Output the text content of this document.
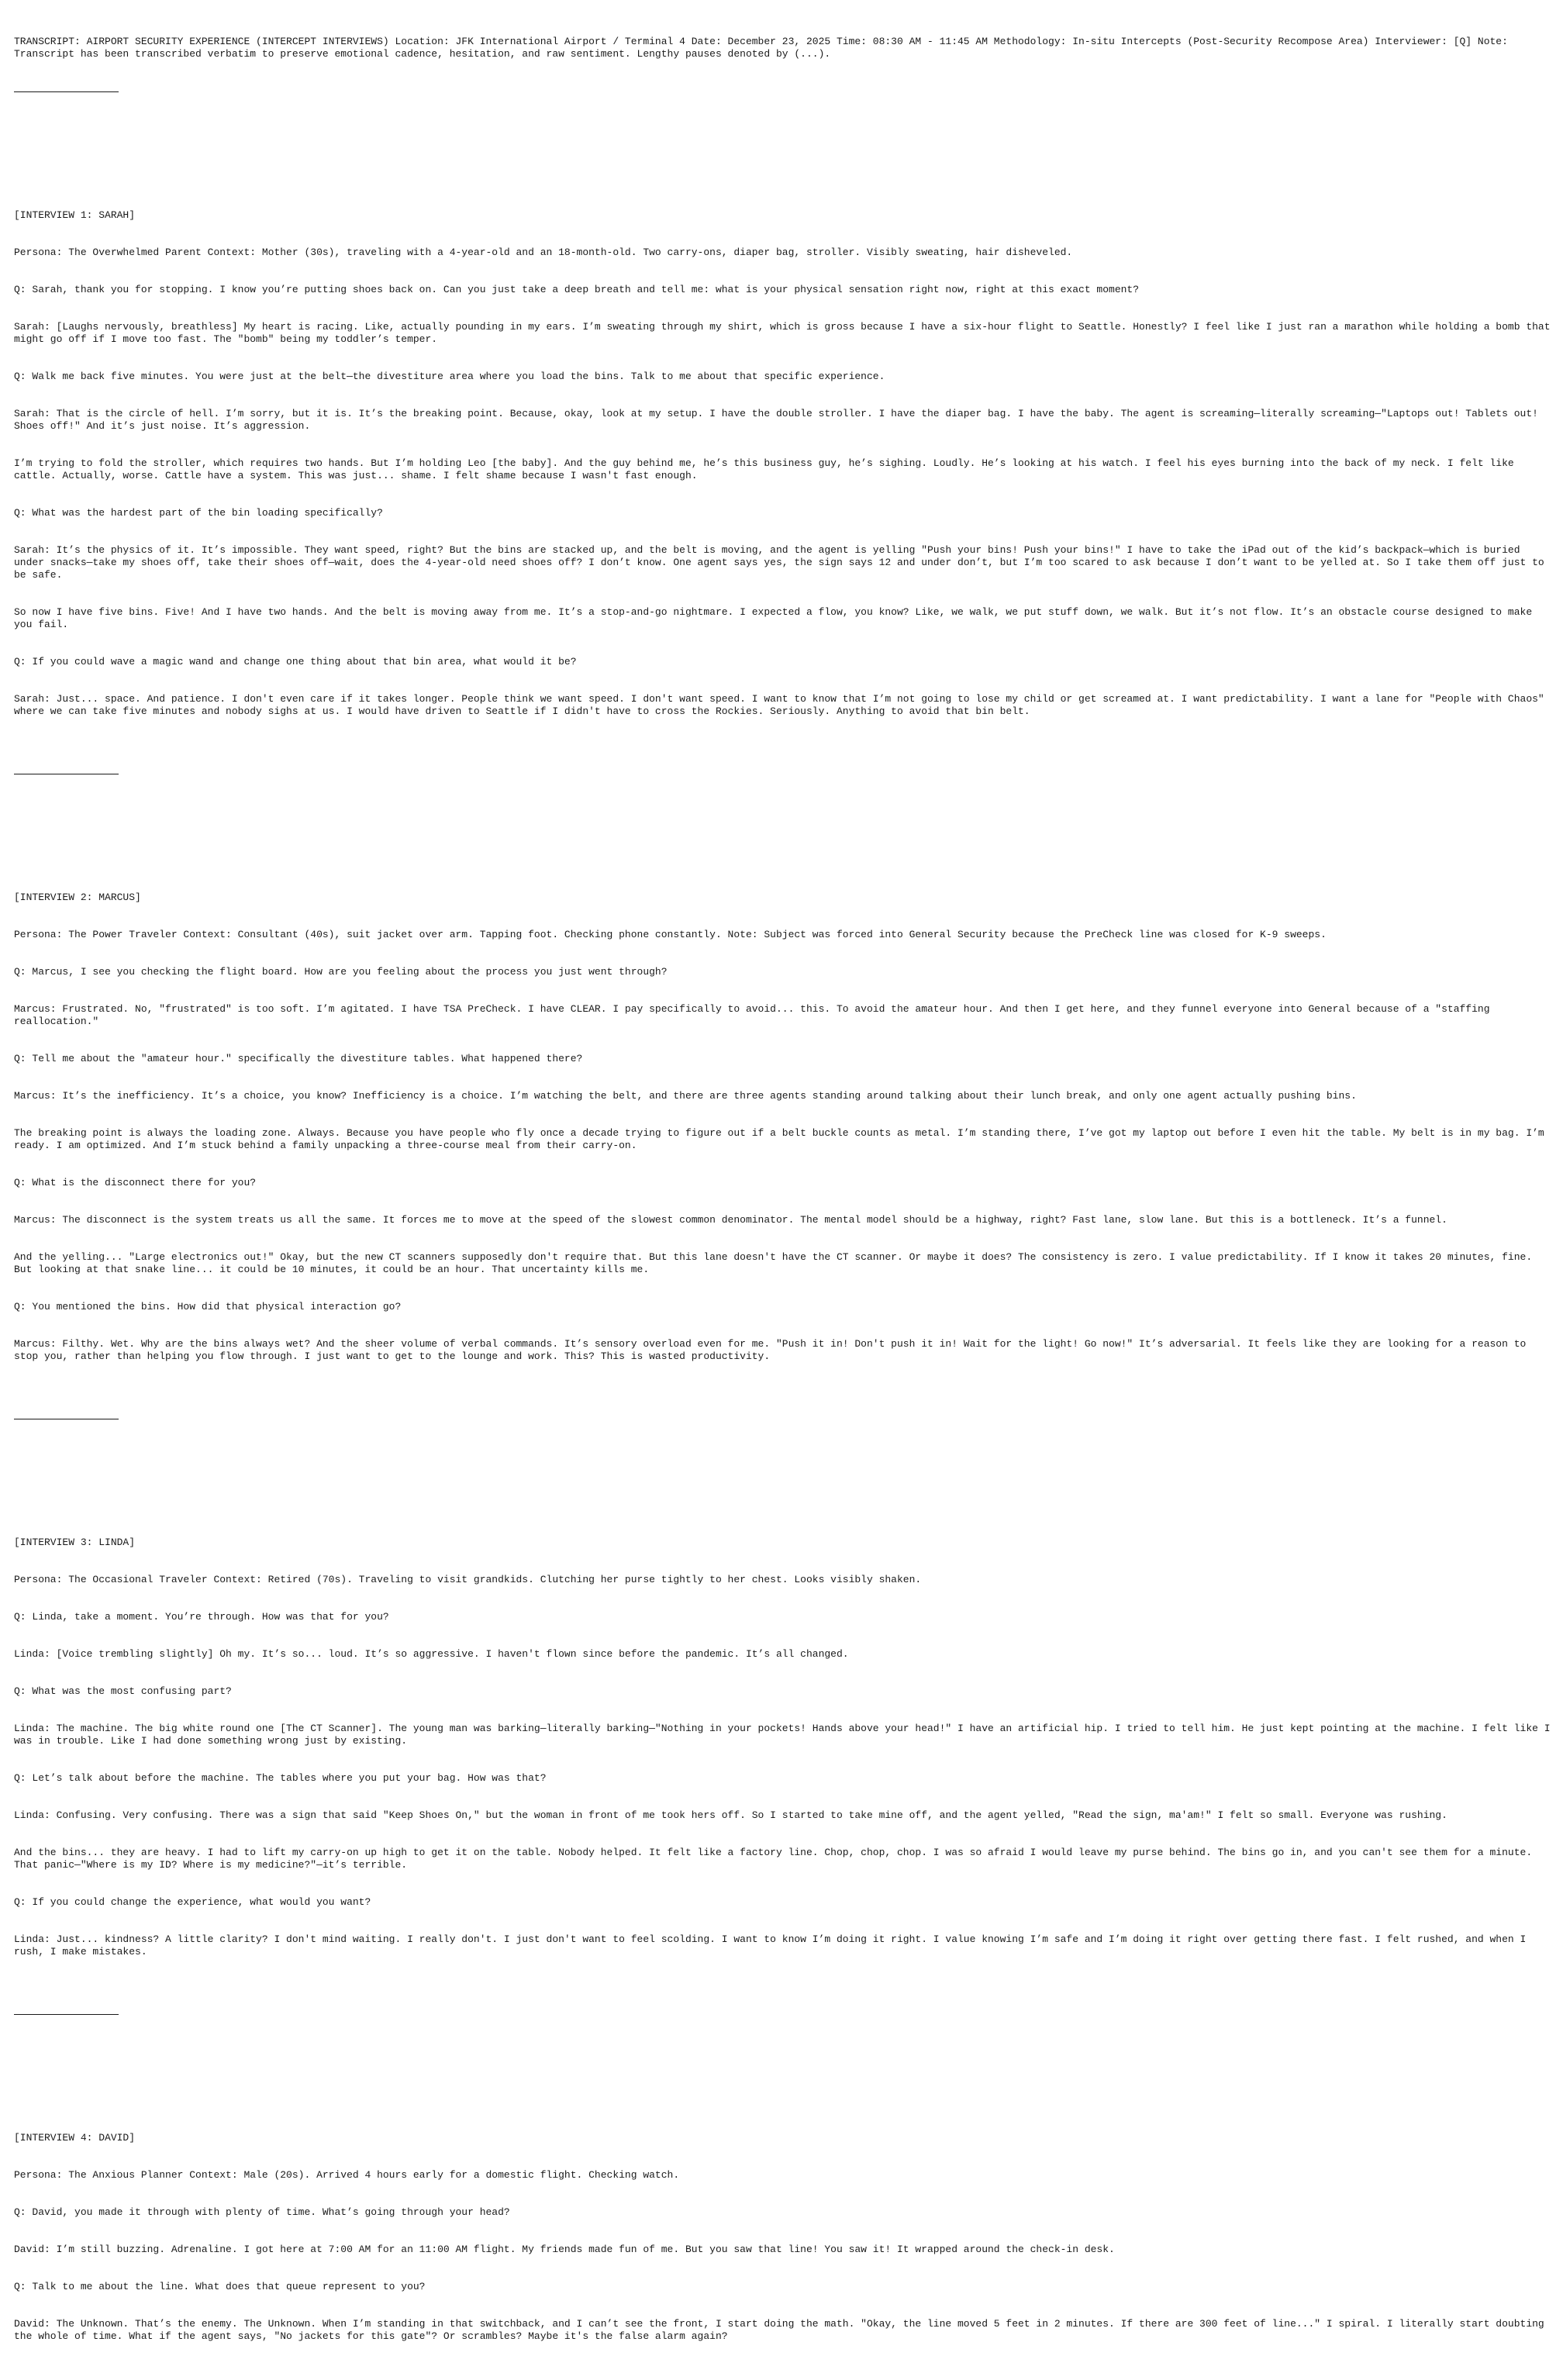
TRANSCRIPT: AIRPORT SECURITY EXPERIENCE (INTERCEPT INTERVIEWS) Location: JFK International Airport / Terminal 4 Date: December 23, 2025 Time: 08:30 AM - 11:45 AM Methodology: In-situ Intercepts (Post-Security Recompose Area) Interviewer: [Q] Note: Transcript has been transcribed verbatim to preserve emotional cadence, hesitation, and raw sentiment. Lengthy pauses denoted by (...).

[INTERVIEW 1: SARAH]

Persona: The Overwhelmed Parent Context: Mother (30s), traveling with a 4-year-old and an 18-month-old. Two carry-ons, diaper bag, stroller. Visibly sweating, hair disheveled.

Q: Sarah, thank you for stopping. I know you’re putting shoes back on. Can you just take a deep breath and tell me: what is your physical sensation right now, right at this exact moment?

Sarah: [Laughs nervously, breathless] My heart is racing. Like, actually pounding in my ears. I’m sweating through my shirt, which is gross because I have a six-hour flight to Seattle. Honestly? I feel like I just ran a marathon while holding a bomb that might go off if I move too fast. The "bomb" being my toddler’s temper.

Q: Walk me back five minutes. You were just at the belt—the divestiture area where you load the bins. Talk to me about that specific experience.

Sarah: That is the circle of hell. I’m sorry, but it is. It’s the breaking point. Because, okay, look at my setup. I have the double stroller. I have the diaper bag. I have the baby. The agent is screaming—literally screaming—"Laptops out! Tablets out! Shoes off!" And it’s just noise. It’s aggression.

I’m trying to fold the stroller, which requires two hands. But I’m holding Leo [the baby]. And the guy behind me, he’s this business guy, he’s sighing. Loudly. He’s looking at his watch. I feel his eyes burning into the back of my neck. I felt like cattle. Actually, worse. Cattle have a system. This was just... shame. I felt shame because I wasn't fast enough.

Q: What was the hardest part of the bin loading specifically?

Sarah: It’s the physics of it. It’s impossible. They want speed, right? But the bins are stacked up, and the belt is moving, and the agent is yelling "Push your bins! Push your bins!" I have to take the iPad out of the kid’s backpack—which is buried under snacks—take my shoes off, take their shoes off—wait, does the 4-year-old need shoes off? I don’t know. One agent says yes, the sign says 12 and under don’t, but I’m too scared to ask because I don’t want to be yelled at. So I take them off just to be safe.

So now I have five bins. Five! And I have two hands. And the belt is moving away from me. It’s a stop-and-go nightmare. I expected a flow, you know? Like, we walk, we put stuff down, we walk. But it’s not flow. It’s an obstacle course designed to make you fail.

Q: If you could wave a magic wand and change one thing about that bin area, what would it be?

Sarah: Just... space. And patience. I don't even care if it takes longer. People think we want speed. I don't want speed. I want to know that I’m not going to lose my child or get screamed at. I want predictability. I want a lane for "People with Chaos" where we can take five minutes and nobody sighs at us. I would have driven to Seattle if I didn't have to cross the Rockies. Seriously. Anything to avoid that bin belt.

[INTERVIEW 2: MARCUS]

Persona: The Power Traveler Context: Consultant (40s), suit jacket over arm. Tapping foot. Checking phone constantly. Note: Subject was forced into General Security because the PreCheck line was closed for K-9 sweeps.

Q: Marcus, I see you checking the flight board. How are you feeling about the process you just went through?

Marcus: Frustrated. No, "frustrated" is too soft. I’m agitated. I have TSA PreCheck. I have CLEAR. I pay specifically to avoid... this. To avoid the amateur hour. And then I get here, and they funnel everyone into General because of a "staffing reallocation."

Q: Tell me about the "amateur hour." specifically the divestiture tables. What happened there?

Marcus: It’s the inefficiency. It’s a choice, you know? Inefficiency is a choice. I’m watching the belt, and there are three agents standing around talking about their lunch break, and only one agent actually pushing bins.

The breaking point is always the loading zone. Always. Because you have people who fly once a decade trying to figure out if a belt buckle counts as metal. I’m standing there, I’ve got my laptop out before I even hit the table. My belt is in my bag. I’m ready. I am optimized. And I’m stuck behind a family unpacking a three-course meal from their carry-on.

Q: What is the disconnect there for you?

Marcus: The disconnect is the system treats us all the same. It forces me to move at the speed of the slowest common denominator. The mental model should be a highway, right? Fast lane, slow lane. But this is a bottleneck. It’s a funnel.

And the yelling... "Large electronics out!" Okay, but the new CT scanners supposedly don't require that. But this lane doesn't have the CT scanner. Or maybe it does? The consistency is zero. I value predictability. If I know it takes 20 minutes, fine. But looking at that snake line... it could be 10 minutes, it could be an hour. That uncertainty kills me.

Q: You mentioned the bins. How did that physical interaction go?

Marcus: Filthy. Wet. Why are the bins always wet? And the sheer volume of verbal commands. It’s sensory overload even for me. "Push it in! Don't push it in! Wait for the light! Go now!" It’s adversarial. It feels like they are looking for a reason to stop you, rather than helping you flow through. I just want to get to the lounge and work. This? This is wasted productivity.

[INTERVIEW 3: LINDA]

Persona: The Occasional Traveler Context: Retired (70s). Traveling to visit grandkids. Clutching her purse tightly to her chest. Looks visibly shaken.

Q: Linda, take a moment. You’re through. How was that for you?

Linda: [Voice trembling slightly] Oh my. It’s so... loud. It’s so aggressive. I haven't flown since before the pandemic. It’s all changed.

Q: What was the most confusing part?

Linda: The machine. The big white round one [The CT Scanner]. The young man was barking—literally barking—"Nothing in your pockets! Hands above your head!" I have an artificial hip. I tried to tell him. He just kept pointing at the machine. I felt like I was in trouble. Like I had done something wrong just by existing.

Q: Let’s talk about before the machine. The tables where you put your bag. How was that?

Linda: Confusing. Very confusing. There was a sign that said "Keep Shoes On," but the woman in front of me took hers off. So I started to take mine off, and the agent yelled, "Read the sign, ma'am!" I felt so small. Everyone was rushing.

And the bins... they are heavy. I had to lift my carry-on up high to get it on the table. Nobody helped. It felt like a factory line. Chop, chop, chop. I was so afraid I would leave my purse behind. The bins go in, and you can't see them for a minute. That panic—"Where is my ID? Where is my medicine?"—it’s terrible.

Q: If you could change the experience, what would you want?

Linda: Just... kindness? A little clarity? I don't mind waiting. I really don't. I just don't want to feel scolding. I want to know I’m doing it right. I value knowing I’m safe and I’m doing it right over getting there fast. I felt rushed, and when I rush, I make mistakes.

[INTERVIEW 4: DAVID]

Persona: The Anxious Planner Context: Male (20s). Arrived 4 hours early for a domestic flight. Checking watch.

Q: David, you made it through with plenty of time. What’s going through your head?

David: I’m still buzzing. Adrenaline. I got here at 7:00 AM for an 11:00 AM flight. My friends made fun of me. But you saw that line! You saw it! It wrapped around the check-in desk.

Q: Talk to me about the line. What does that queue represent to you?

David: The Unknown. That’s the enemy. The Unknown. When I’m standing in that switchback, and I can’t see the front, I start doing the math. "Okay, the line moved 5 feet in 2 minutes. If there are 300 feet of line..." I spiral. I literally start doubting the whole of time. What if the agent says, "No jackets for this gate"? Or scrambles? Maybe it's the false alarm again?
